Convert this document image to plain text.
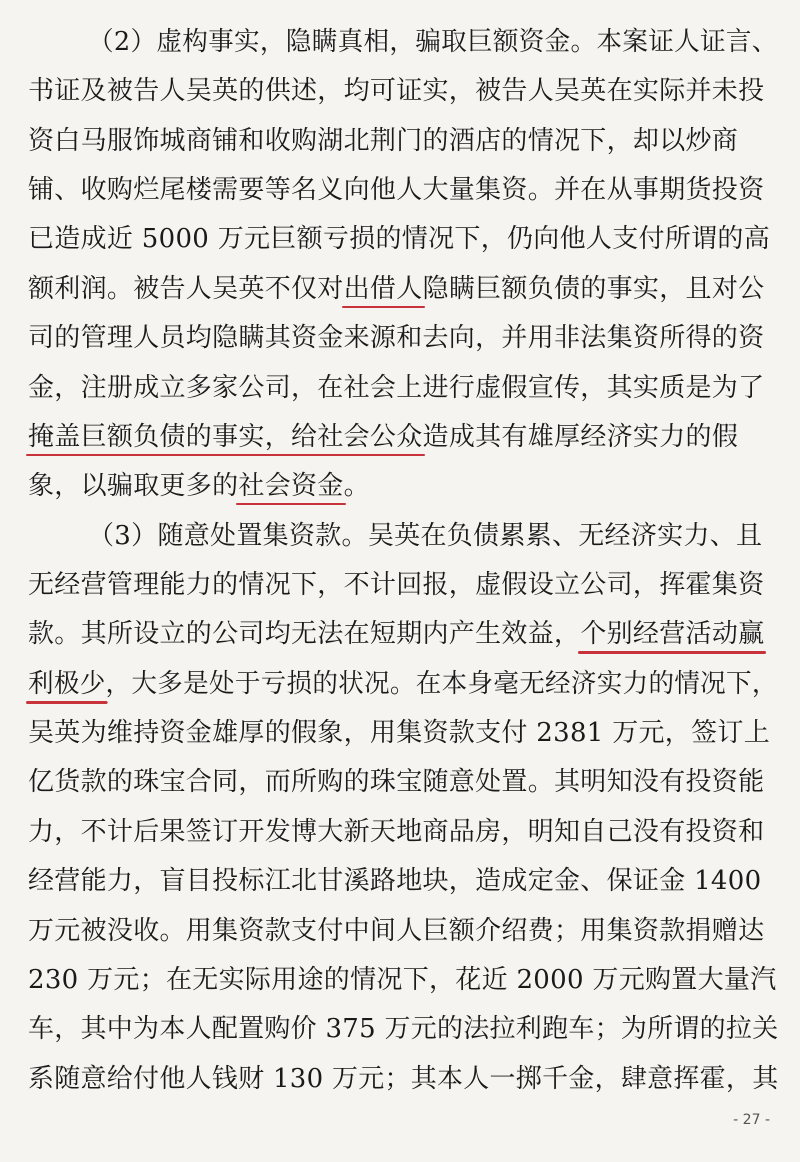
（2）虚构事实，隐瞒真相，骗取巨额资金。本案证人证言、
书证及被告人吴英的供述，均可证实，被告人吴英在实际并未投
资白马服饰城商铺和收购湖北荆门的酒店的情况下，却以炒商
铺、收购烂尾楼需要等名义向他人大量集资。并在从事期货投资
已造成近 5000 万元巨额亏损的情况下，仍向他人支付所谓的高
额利润。被告人吴英不仅对出借人隐瞒巨额负债的事实，且对公
司的管理人员均隐瞒其资金来源和去向，并用非法集资所得的资
金，注册成立多家公司，在社会上进行虚假宣传，其实质是为了
掩盖巨额负债的事实，给社会公众造成其有雄厚经济实力的假
象，以骗取更多的社会资金。
（3）随意处置集资款。吴英在负债累累、无经济实力、且
无经营管理能力的情况下，不计回报，虚假设立公司，挥霍集资
款。其所设立的公司均无法在短期内产生效益，个别经营活动赢
利极少，大多是处于亏损的状况。在本身毫无经济实力的情况下，
吴英为维持资金雄厚的假象，用集资款支付 2381 万元，签订上
亿货款的珠宝合同，而所购的珠宝随意处置。其明知没有投资能
力，不计后果签订开发博大新天地商品房，明知自己没有投资和
经营能力，盲目投标江北甘溪路地块，造成定金、保证金 1400
万元被没收。用集资款支付中间人巨额介绍费；用集资款捐赠达
230 万元；在无实际用途的情况下，花近 2000 万元购置大量汽
车，其中为本人配置购价 375 万元的法拉利跑车；为所谓的拉关
系随意给付他人钱财 130 万元；其本人一掷千金，肆意挥霍，其
- 27 -
